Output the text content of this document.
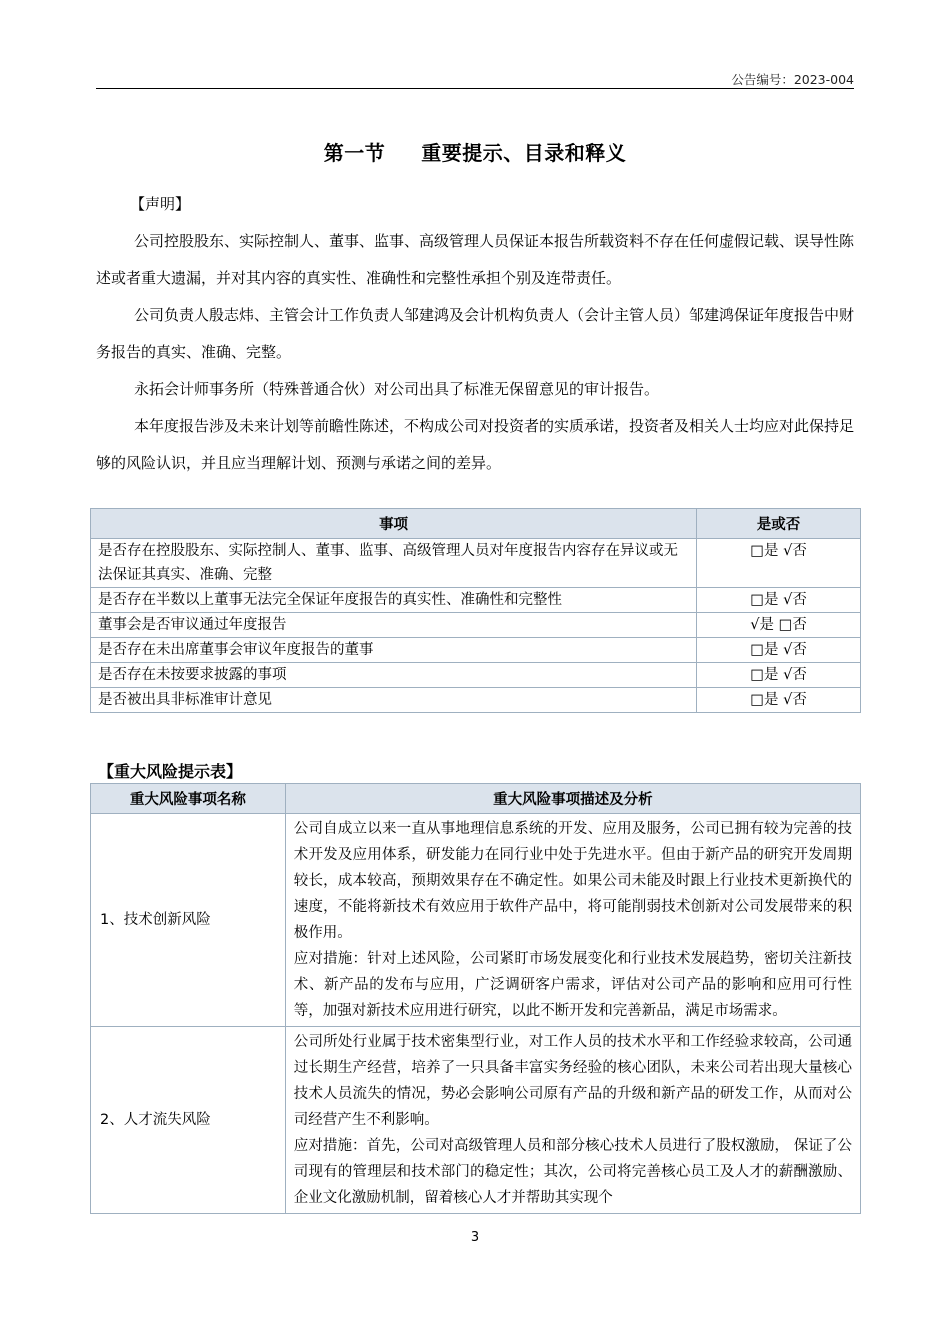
公告编号：2023-004
第一节 重要提示、目录和释义

【声明】

公司控股股东、实际控制人、董事、监事、高级管理人员保证本报告所载资料不存在任何虚假记载、误导性陈述或者重大遗漏，并对其内容的真实性、准确性和完整性承担个别及连带责任。

公司负责人殷志炜、主管会计工作负责人邹建鸿及会计机构负责人（会计主管人员）邹建鸿保证年度报告中财务报告的真实、准确、完整。

永拓会计师事务所（特殊普通合伙）对公司出具了标准无保留意见的审计报告。

本年度报告涉及未来计划等前瞻性陈述，不构成公司对投资者的实质承诺，投资者及相关人士均应对此保持足够的风险认识，并且应当理解计划、预测与承诺之间的差异。

事项	是或否
是否存在控股股东、实际控制人、董事、监事、高级管理人员对年度报告内容存在异议或无法保证其真实、准确、完整	□是 √否
是否存在半数以上董事无法完全保证年度报告的真实性、准确性和完整性	□是 √否
董事会是否审议通过年度报告	√是 □否
是否存在未出席董事会审议年度报告的董事	□是 √否
是否存在未按要求披露的事项	□是 √否
是否被出具非标准审计意见	□是 √否
【重大风险提示表】
重大风险事项名称	重大风险事项描述及分析
1、技术创新风险	公司自成立以来一直从事地理信息系统的开发、应用及服务，公司已拥有较为完善的技术开发及应用体系，研发能力在同行业中处于先进水平。但由于新产品的研究开发周期较长，成本较高，预期效果存在不确定性。如果公司未能及时跟上行业技术更新换代的速度，不能将新技术有效应用于软件产品中，将可能削弱技术创新对公司发展带来的积极作用。

应对措施：针对上述风险，公司紧盯市场发展变化和行业技术发展趋势，密切关注新技术、新产品的发布与应用，广泛调研客户需求，评估对公司产品的影响和应用可行性等，加强对新技术应用进行研究，以此不断开发和完善新品，满足市场需求。

2、人才流失风险	公司所处行业属于技术密集型行业，对工作人员的技术水平和工作经验求较高，公司通过长期生产经营，培养了一只具备丰富实务经验的核心团队，未来公司若出现大量核心技术人员流失的情况，势必会影响公司原有产品的升级和新产品的研发工作，从而对公司经营产生不利影响。

应对措施：首先，公司对高级管理人员和部分核心技术人员进行了股权激励， 保证了公司现有的管理层和技术部门的稳定性；其次，公司将完善核心员工及人才的薪酬激励、企业文化激励机制，留着核心人才并帮助其实现个

3
